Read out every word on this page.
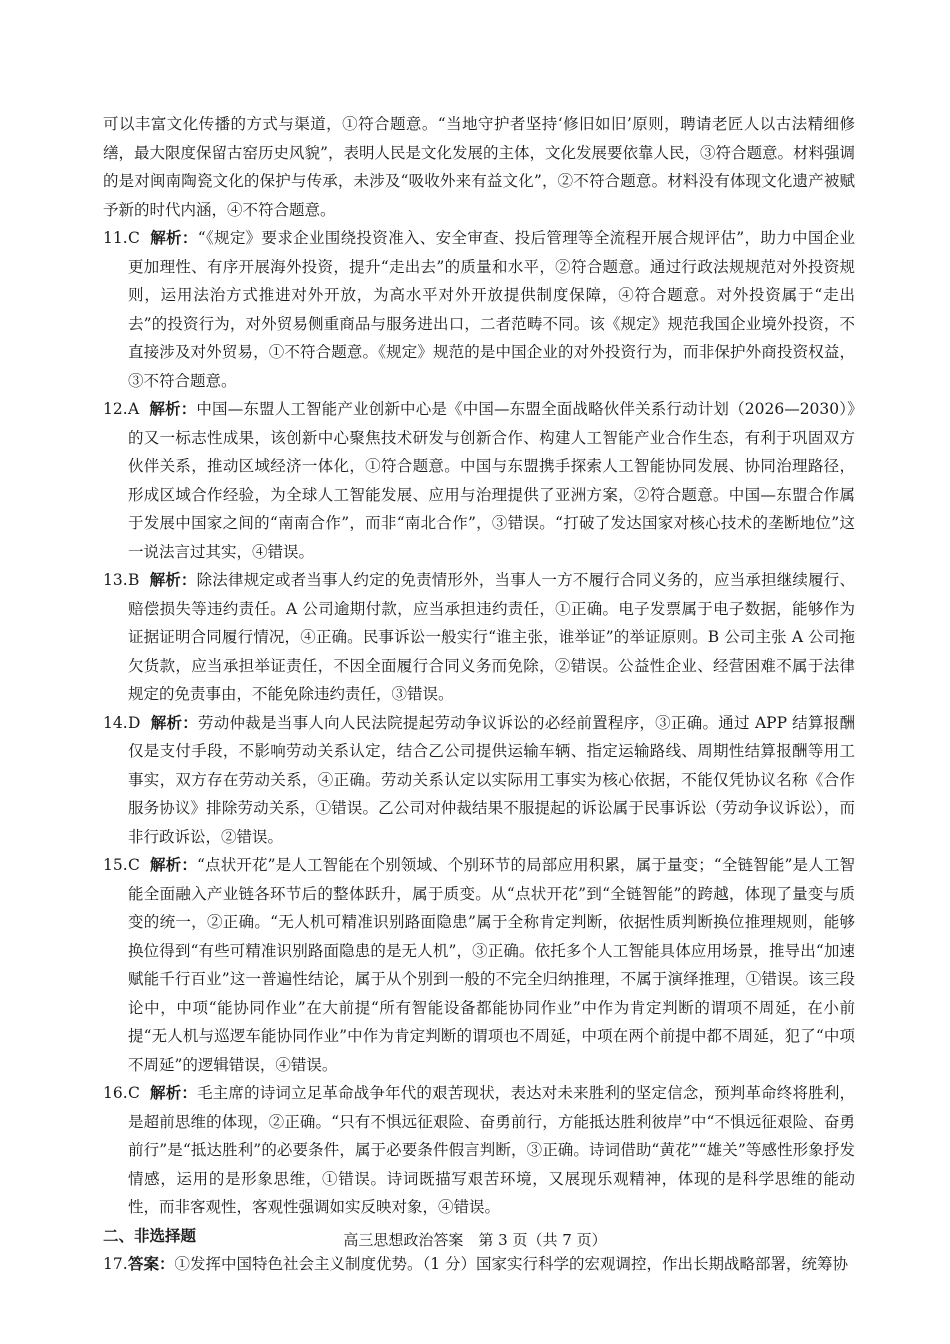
可以丰富文化传播的方式与渠道，①符合题意。“当地守护者坚持‘修旧如旧’原则，聘请老匠人以古法精细修缮，最大限度保留古窑历史风貌”，表明人民是文化发展的主体，文化发展要依靠人民，③符合题意。材料强调的是对闽南陶瓷文化的保护与传承，未涉及“吸收外来有益文化”，②不符合题意。材料没有体现文化遗产被赋予新的时代内涵，④不符合题意。

11. C 解析：“《规定》要求企业围绕投资准入、安全审查、投后管理等全流程开展合规评估”，助力中国企业更加理性、有序开展海外投资，提升“走出去”的质量和水平，②符合题意。通过行政法规规范对外投资规则，运用法治方式推进对外开放，为高水平对外开放提供制度保障，④符合题意。对外投资属于“走出去”的投资行为，对外贸易侧重商品与服务进出口，二者范畴不同。该《规定》规范我国企业境外投资，不直接涉及对外贸易，①不符合题意。《规定》规范的是中国企业的对外投资行为，而非保护外商投资权益，③不符合题意。

12. A 解析：中国—东盟人工智能产业创新中心是《中国—东盟全面战略伙伴关系行动计划（2026—2030）》的又一标志性成果，该创新中心聚焦技术研发与创新合作、构建人工智能产业合作生态，有利于巩固双方伙伴关系，推动区域经济一体化，①符合题意。中国与东盟携手探索人工智能协同发展、协同治理路径，形成区域合作经验，为全球人工智能发展、应用与治理提供了亚洲方案，②符合题意。中国—东盟合作属于发展中国家之间的“南南合作”，而非“南北合作”，③错误。“打破了发达国家对核心技术的垄断地位”这一说法言过其实，④错误。

13. B 解析：除法律规定或者当事人约定的免责情形外，当事人一方不履行合同义务的，应当承担继续履行、赔偿损失等违约责任。A 公司逾期付款，应当承担违约责任，①正确。电子发票属于电子数据，能够作为证据证明合同履行情况，④正确。民事诉讼一般实行“谁主张，谁举证”的举证原则。B 公司主张 A 公司拖欠货款，应当承担举证责任，不因全面履行合同义务而免除，②错误。公益性企业、经营困难不属于法律规定的免责事由，不能免除违约责任，③错误。

14. D 解析：劳动仲裁是当事人向人民法院提起劳动争议诉讼的必经前置程序，③正确。通过 APP 结算报酬仅是支付手段，不影响劳动关系认定，结合乙公司提供运输车辆、指定运输路线、周期性结算报酬等用工事实，双方存在劳动关系，④正确。劳动关系认定以实际用工事实为核心依据，不能仅凭协议名称《合作服务协议》排除劳动关系，①错误。乙公司对仲裁结果不服提起的诉讼属于民事诉讼（劳动争议诉讼），而非行政诉讼，②错误。

15. C 解析：“点状开花”是人工智能在个别领域、个别环节的局部应用积累，属于量变；“全链智能”是人工智能全面融入产业链各环节后的整体跃升，属于质变。从“点状开花”到“全链智能”的跨越，体现了量变与质变的统一，②正确。“无人机可精准识别路面隐患”属于全称肯定判断，依据性质判断换位推理规则，能够换位得到“有些可精准识别路面隐患的是无人机”，③正确。依托多个人工智能具体应用场景，推导出“加速赋能千行百业”这一普遍性结论，属于从个别到一般的不完全归纳推理，不属于演绎推理，①错误。该三段论中，中项“能协同作业”在大前提“所有智能设备都能协同作业”中作为肯定判断的谓项不周延，在小前提“无人机与巡逻车能协同作业”中作为肯定判断的谓项也不周延，中项在两个前提中都不周延，犯了“中项不周延”的逻辑错误，④错误。

16. C 解析：毛主席的诗词立足革命战争年代的艰苦现状，表达对未来胜利的坚定信念，预判革命终将胜利，是超前思维的体现，②正确。“只有不惧远征艰险、奋勇前行，方能抵达胜利彼岸”中“不惧远征艰险、奋勇前行”是“抵达胜利”的必要条件，属于必要条件假言判断，③正确。诗词借助“黄花”“雄关”等感性形象抒发情感，运用的是形象思维，①错误。诗词既描写艰苦环境，又展现乐观精神，体现的是科学思维的能动性，而非客观性，客观性强调如实反映对象，④错误。

二、非选择题

17. 答案：①发挥中国特色社会主义制度优势。（1 分）国家实行科学的宏观调控，作出长期战略部署，统筹协

高三思想政治答案　第 3 页（共 7 页）
